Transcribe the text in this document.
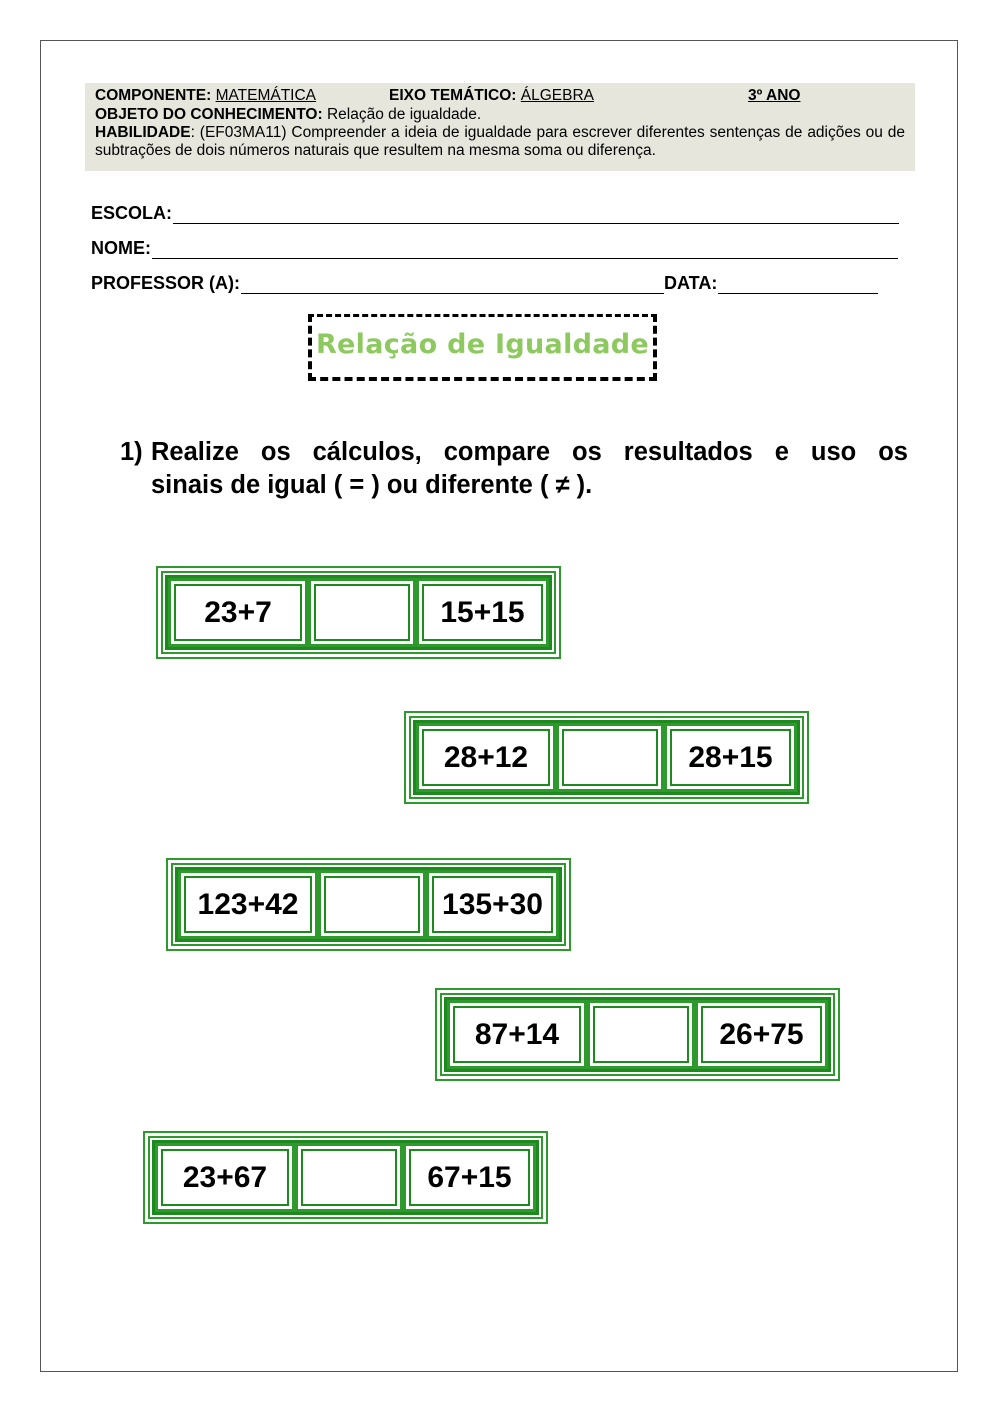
COMPONENTE: MATEMÁTICA	EIXO TEMÁTICO: ÁLGEBRA	3º ANO
OBJETO DO CONHECIMENTO: Relação de igualdade.
HABILIDADE: (EF03MA11) Compreender a ideia de igualdade para escrever diferentes sentenças de adições ou de subtrações de dois números naturais que resultem na mesma soma ou diferença.
ESCOLA:
NOME:
PROFESSOR (A):	DATA:
Relação de Igualdade
1) Realize os cálculos, compare os resultados e uso os
sinais de igual ( = ) ou diferente ( ≠ ).
23+7	15+15
28+12	28+15
123+42	135+30
87+14	26+75
23+67	67+15
